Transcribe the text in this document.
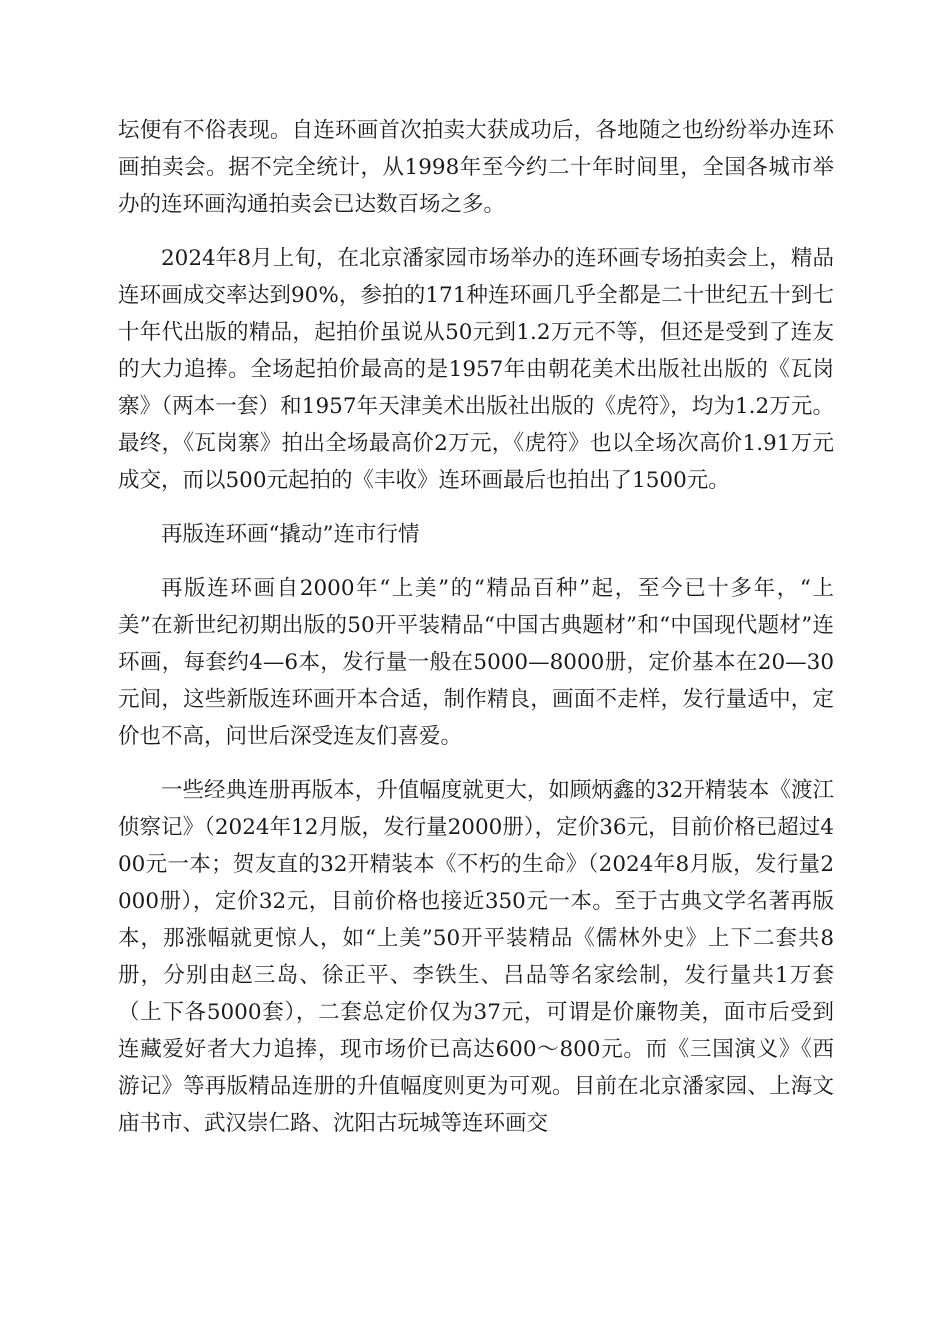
坛便有不俗表现。自连环画首次拍卖大获成功后，各地随之也纷纷举办连环画拍卖会。据不完全统计，从1998年至今约二十年时间里，全国各城市举办的连环画沟通拍卖会已达数百场之多。

2024年8月上旬，在北京潘家园市场举办的连环画专场拍卖会上，精品连环画成交率达到90%，参拍的171种连环画几乎全都是二十世纪五十到七十年代出版的精品，起拍价虽说从50元到1.2万元不等，但还是受到了连友的大力追捧。全场起拍价最高的是1957年由朝花美术出版社出版的《瓦岗寨》（两本一套）和1957年天津美术出版社出版的《虎符》，均为1.2万元。最终，《瓦岗寨》拍出全场最高价2万元，《虎符》也以全场次高价1.91万元成交，而以500元起拍的《丰收》连环画最后也拍出了1500元。

再版连环画“撬动”连市行情

再版连环画自2000年“上美”的“精品百种”起，至今已十多年，“上美”在新世纪初期出版的50开平装精品“中国古典题材”和“中国现代题材”连环画，每套约4—6本，发行量一般在5000—8000册，定价基本在20—30元间，这些新版连环画开本合适，制作精良，画面不走样，发行量适中，定价也不高，问世后深受连友们喜爱。

一些经典连册再版本，升值幅度就更大，如顾炳鑫的32开精装本《渡江侦察记》（2024年12月版，发行量2000册），定价36元，目前价格已超过400元一本；贺友直的32开精装本《不朽的生命》（2024年8月版，发行量2000册），定价32元，目前价格也接近350元一本。至于古典文学名著再版本，那涨幅就更惊人，如“上美”50开平装精品《儒林外史》上下二套共8册，分别由赵三岛、徐正平、李铁生、吕品等名家绘制，发行量共1万套（上下各5000套），二套总定价仅为37元，可谓是价廉物美，面市后受到连藏爱好者大力追捧，现市场价已高达600～800元。而《三国演义》《西游记》等再版精品连册的升值幅度则更为可观。目前在北京潘家园、上海文庙书市、武汉崇仁路、沈阳古玩城等连环画交
